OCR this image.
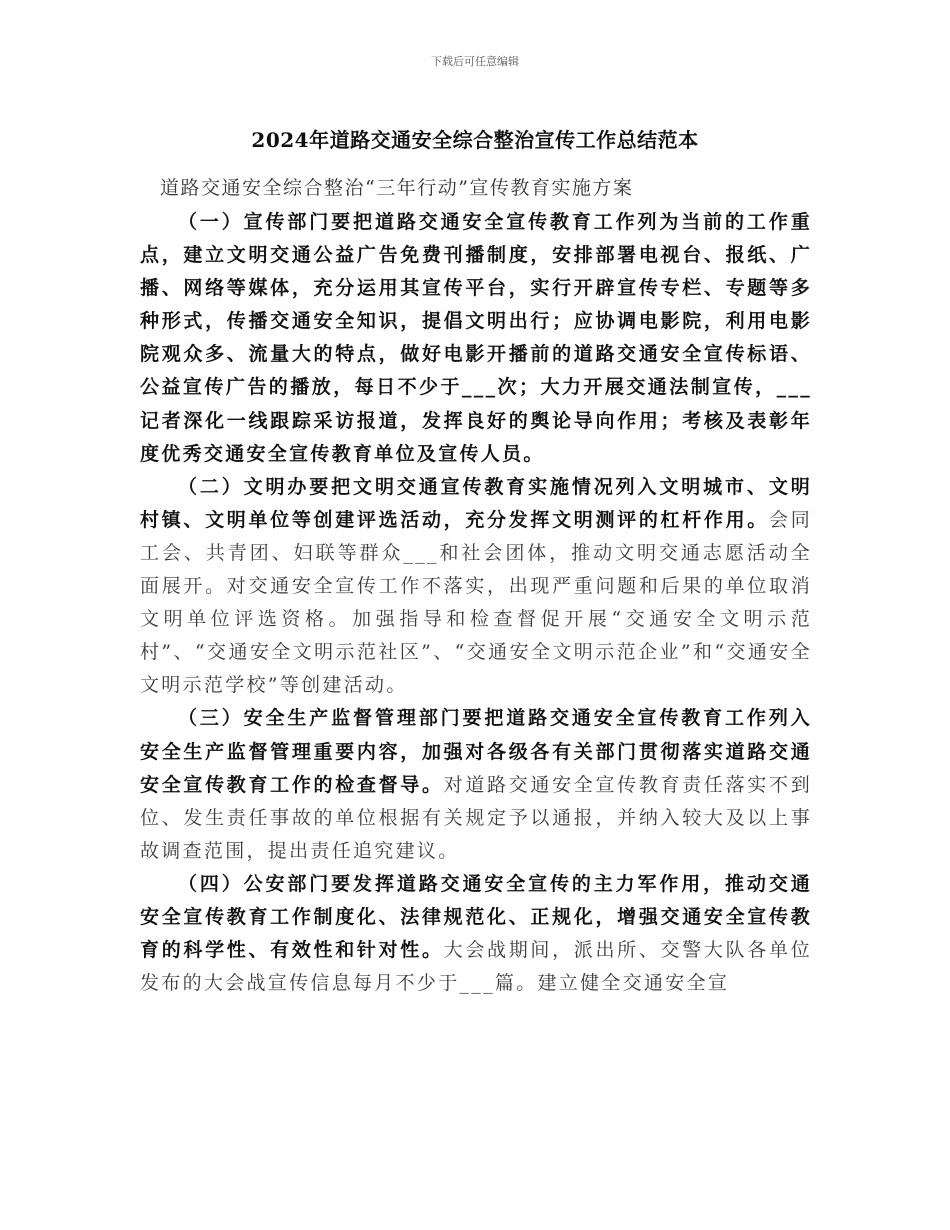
下载后可任意编辑
2024年道路交通安全综合整治宣传工作总结范本
道路交通安全综合整治“三年行动”宣传教育实施方案

（一）宣传部门要把道路交通安全宣传教育工作列为当前的工作重点，建立文明交通公益广告免费刊播制度，安排部署电视台、报纸、广播、网络等媒体，充分运用其宣传平台，实行开辟宣传专栏、专题等多种形式，传播交通安全知识，提倡文明出行；应协调电影院，利用电影院观众多、流量大的特点，做好电影开播前的道路交通安全宣传标语、公益宣传广告的播放，每日不少于___次；大力开展交通法制宣传，___记者深化一线跟踪采访报道，发挥良好的舆论导向作用；考核及表彰年度优秀交通安全宣传教育单位及宣传人员。

（二）文明办要把文明交通宣传教育实施情况列入文明城市、文明村镇、文明单位等创建评选活动，充分发挥文明测评的杠杆作用。会同工会、共青团、妇联等群众___和社会团体，推动文明交通志愿活动全面展开。对交通安全宣传工作不落实，出现严重问题和后果的单位取消文明单位评选资格。加强指导和检查督促开展“交通安全文明示范村”、“交通安全文明示范社区”、“交通安全文明示范企业”和“交通安全文明示范学校”等创建活动。

（三）安全生产监督管理部门要把道路交通安全宣传教育工作列入安全生产监督管理重要内容，加强对各级各有关部门贯彻落实道路交通安全宣传教育工作的检查督导。对道路交通安全宣传教育责任落实不到位、发生责任事故的单位根据有关规定予以通报，并纳入较大及以上事故调查范围，提出责任追究建议。

（四）公安部门要发挥道路交通安全宣传的主力军作用，推动交通安全宣传教育工作制度化、法律规范化、正规化，增强交通安全宣传教育的科学性、有效性和针对性。大会战期间，派出所、交警大队各单位发布的大会战宣传信息每月不少于___篇。建立健全交通安全宣
